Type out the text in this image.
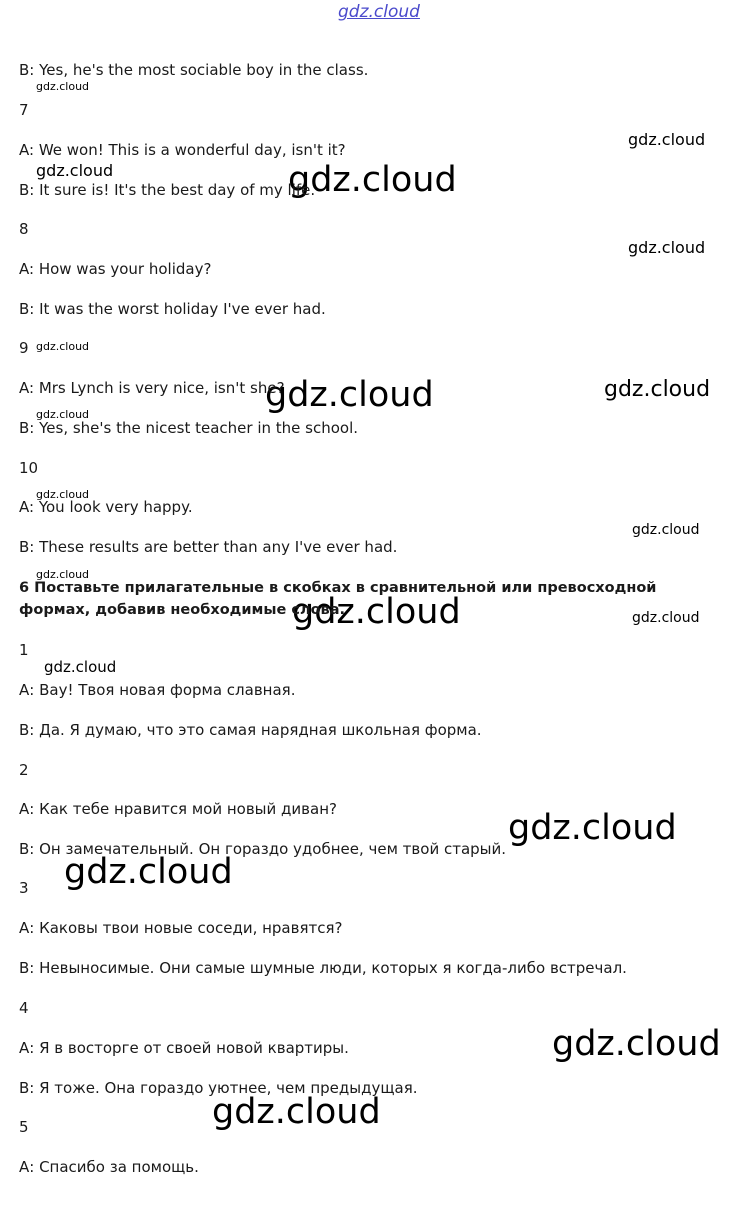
gdz.cloud
gdz.cloud
gdz.cloud
gdz.cloud	gdz.cloud
gdz.cloud
gdz.cloud
gdz.cloud	gdz.cloud
gdz.cloud
gdz.cloud
gdz.cloud
gdz.cloud
gdz.cloud	gdz.cloud
gdz.cloud
gdz.cloud
gdz.cloud
gdz.cloud
gdz.cloud
B: Yes, he's the most sociable boy in the class.
7
A: We won! This is a wonderful day, isn't it?
B: It sure is! It's the best day of my life.
8
A: How was your holiday?
B: It was the worst holiday I've ever had.
9
A: Mrs Lynch is very nice, isn't she?
B: Yes, she's the nicest teacher in the school.
10
A: You look very happy.
B: These results are better than any I've ever had.
6 Поставьте прилагательные в скобках в сравнительной или превосходной формах, добавив необходимые слова.
1
А: Вау! Твоя новая форма славная.
В: Да. Я думаю, что это самая нарядная школьная форма.
2
А: Как тебе нравится мой новый диван?
В: Он замечательный. Он гораздо удобнее, чем твой старый.
3
А: Каковы твои новые соседи, нравятся?
В: Невыносимые. Они самые шумные люди, которых я когда-либо встречал.
4
А: Я в восторге от своей новой квартиры.
В: Я тоже. Она гораздо уютнее, чем предыдущая.
5
А: Спасибо за помощь.
